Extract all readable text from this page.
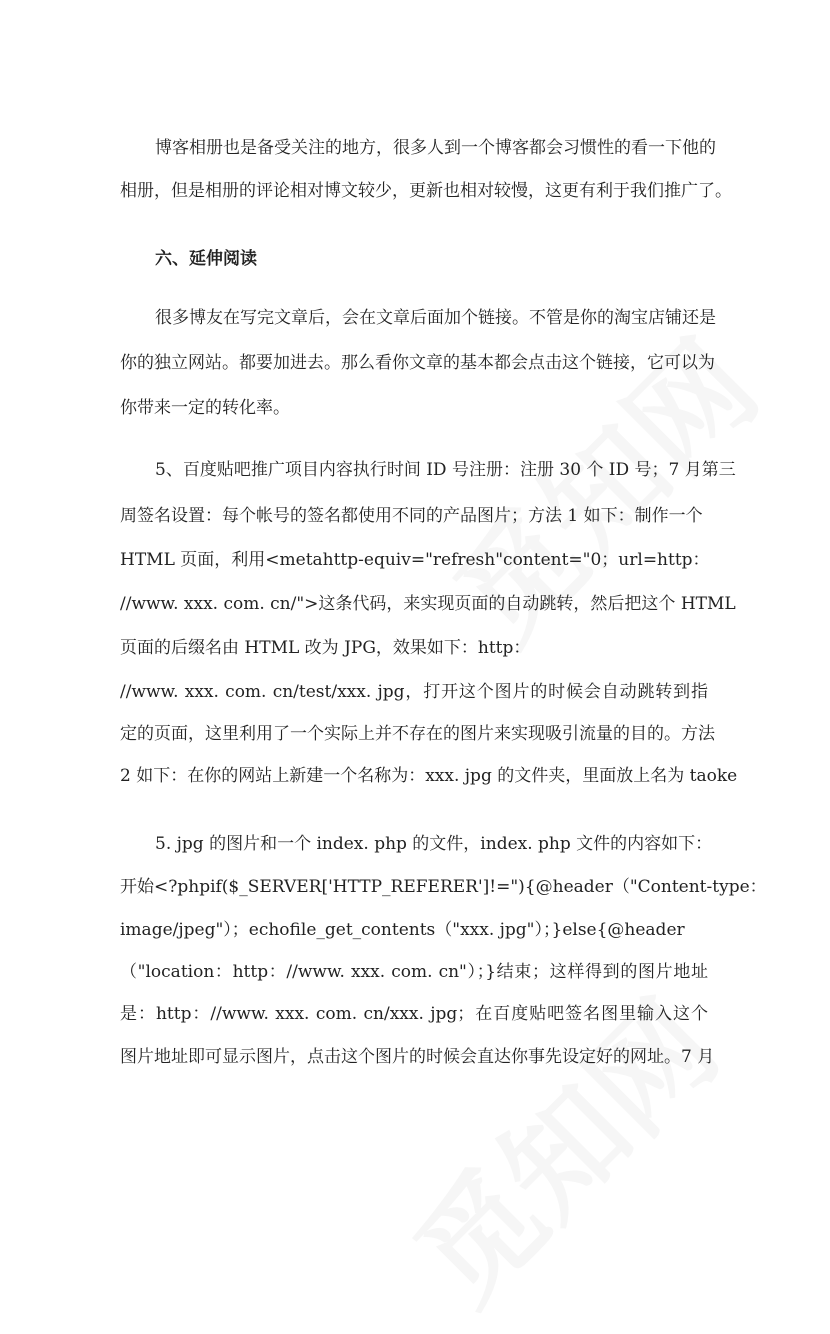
博客相册也是备受关注的地方，很多人到一个博客都会习惯性的看一下他的
相册，但是相册的评论相对博文较少，更新也相对较慢，这更有利于我们推广了。
六、延伸阅读
很多博友在写完文章后，会在文章后面加个链接。不管是你的淘宝店铺还是
你的独立网站。都要加进去。那么看你文章的基本都会点击这个链接，它可以为
你带来一定的转化率。
5、百度贴吧推广项目内容执行时间 ID 号注册：注册 30 个 ID 号；7 月第三
周签名设置：每个帐号的签名都使用不同的产品图片；方法 1 如下：制作一个
HTML 页面，利用<metahttp-equiv="refresh"content="0；url=http：
//www. xxx. com. cn/">这条代码，来实现页面的自动跳转，然后把这个 HTML
页面的后缀名由 HTML 改为 JPG，效果如下：http：
//www. xxx. com. cn/test/xxx. jpg，打开这个图片的时候会自动跳转到指
定的页面，这里利用了一个实际上并不存在的图片来实现吸引流量的目的。方法
2 如下：在你的网站上新建一个名称为：xxx. jpg 的文件夹，里面放上名为 taoke
5. jpg 的图片和一个 index. php 的文件，index. php 文件的内容如下：
开始<?phpif($_SERVER['HTTP_REFERER']!="){@header（"Content-type：
image/jpeg"）；echofile_get_contents（"xxx. jpg"）；}else{@header
（"location：http：//www. xxx. com. cn"）；}结束；这样得到的图片地址
是：http：//www. xxx. com. cn/xxx. jpg；在百度贴吧签名图里输入这个
图片地址即可显示图片，点击这个图片的时候会直达你事先设定好的网址。7 月
